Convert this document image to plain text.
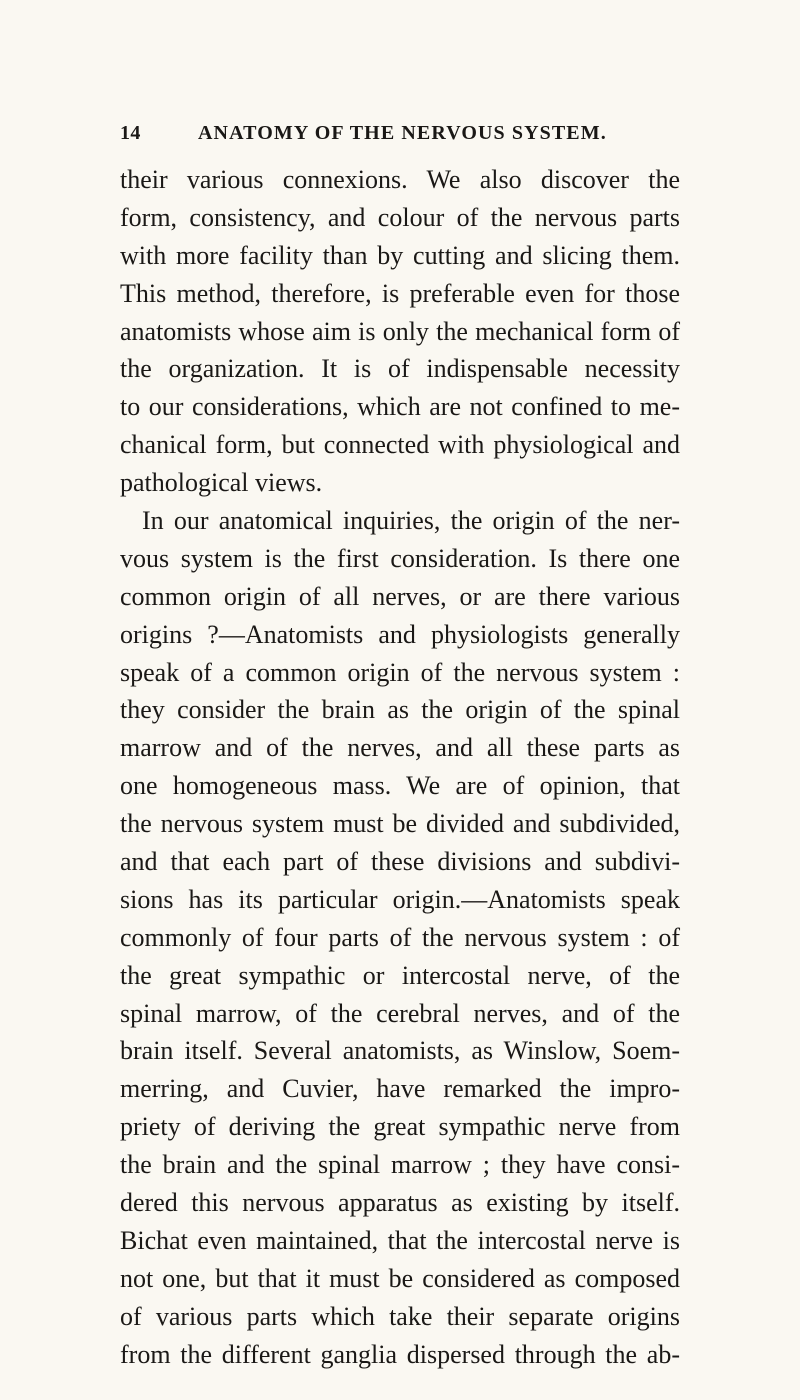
14	ANATOMY OF THE NERVOUS SYSTEM.
their various connexions. We also discover the
form, consistency, and colour of the nervous parts
with more facility than by cutting and slicing them.
This method, therefore, is preferable even for those
anatomists whose aim is only the mechanical form of
the organization. It is of indispensable necessity
to our considerations, which are not confined to me-
chanical form, but connected with physiological and
pathological views.
In our anatomical inquiries, the origin of the ner-
vous system is the first consideration. Is there one
common origin of all nerves, or are there various
origins ?—Anatomists and physiologists generally
speak of a common origin of the nervous system :
they consider the brain as the origin of the spinal
marrow and of the nerves, and all these parts as
one homogeneous mass. We are of opinion, that
the nervous system must be divided and subdivided,
and that each part of these divisions and subdivi-
sions has its particular origin.—Anatomists speak
commonly of four parts of the nervous system : of
the great sympathic or intercostal nerve, of the
spinal marrow, of the cerebral nerves, and of the
brain itself. Several anatomists, as Winslow, Soem-
merring, and Cuvier, have remarked the impro-
priety of deriving the great sympathic nerve from
the brain and the spinal marrow ; they have consi-
dered this nervous apparatus as existing by itself.
Bichat even maintained, that the intercostal nerve is
not one, but that it must be considered as composed
of various parts which take their separate origins
from the different ganglia dispersed through the ab-
